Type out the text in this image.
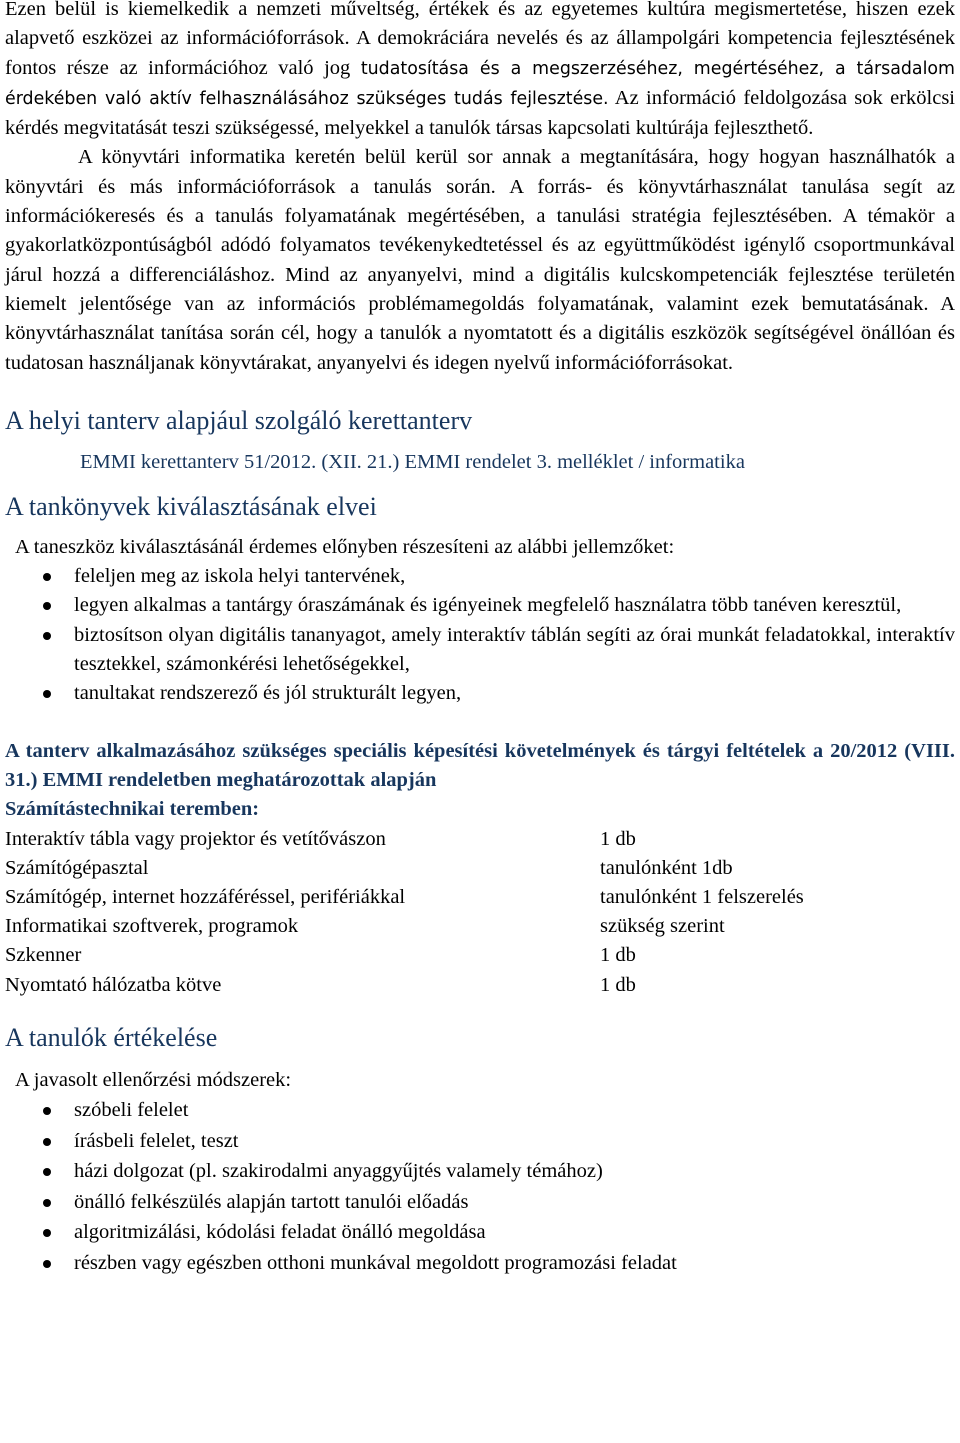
Ezen belül is kiemelkedik a nemzeti műveltség, értékek és az egyetemes kultúra megismertetése, hiszen ezek alapvető eszközei az információforrások. A demokráciára nevelés és az állampolgári kompetencia fejlesztésének fontos része az információhoz való jog tudatosítása és a megszerzéséhez, megértéséhez, a társadalom érdekében való aktív felhasználásához szükséges tudás fejlesztése. Az információ feldolgozása sok erkölcsi kérdés megvitatását teszi szükségessé, melyekkel a tanulók társas kapcsolati kultúrája fejleszthető.

A könyvtári informatika keretén belül kerül sor annak a megtanítására, hogy hogyan használhatók a könyvtári és más információforrások a tanulás során. A forrás- és könyvtárhasználat tanulása segít az információkeresés és a tanulás folyamatának megértésében, a tanulási stratégia fejlesztésében. A témakör a gyakorlatközpontúságból adódó folyamatos tevékenykedtetéssel és az együttműködést igénylő csoportmunkával járul hozzá a differenciáláshoz. Mind az anyanyelvi, mind a digitális kulcskompetenciák fejlesztése területén kiemelt jelentősége van az információs problémamegoldás folyamatának, valamint ezek bemutatásának. A könyvtárhasználat tanítása során cél, hogy a tanulók a nyomtatott és a digitális eszközök segítségével önállóan és tudatosan használjanak könyvtárakat, anyanyelvi és idegen nyelvű információforrásokat.

A helyi tanterv alapjául szolgáló kerettanterv
EMMI kerettanterv 51/2012. (XII. 21.) EMMI rendelet 3. melléklet / informatika
A tankönyvek kiválasztásának elvei
A taneszköz kiválasztásánál érdemes előnyben részesíteni az alábbi jellemzőket:
feleljen meg az iskola helyi tantervének,
legyen alkalmas a tantárgy óraszámának és igényeinek megfelelő használatra több tanéven keresztül,
biztosítson olyan digitális tananyagot, amely interaktív táblán segíti az órai munkát feladatokkal, interaktív tesztekkel, számonkérési lehetőségekkel,
tanultakat rendszerező és jól strukturált legyen,

A tanterv alkalmazásához szükséges speciális képesítési követelmények és tárgyi feltételek a 20/2012 (VIII. 31.) EMMI rendeletben meghatározottak alapján

Számítástechnikai teremben:
Interaktív tábla vagy projektor és vetítővászon	1 db
Számítógépasztal	tanulónként 1db
Számítógép, internet hozzáféréssel, perifériákkal	tanulónként 1 felszerelés
Informatikai szoftverek, programok	szükség szerint
Szkenner	1 db
Nyomtató hálózatba kötve	1 db
A tanulók értékelése
A javasolt ellenőrzési módszerek:
szóbeli felelet
írásbeli felelet, teszt
házi dolgozat (pl. szakirodalmi anyaggyűjtés valamely témához)
önálló felkészülés alapján tartott tanulói előadás
algoritmizálási, kódolási feladat önálló megoldása
részben vagy egészben otthoni munkával megoldott programozási feladat
